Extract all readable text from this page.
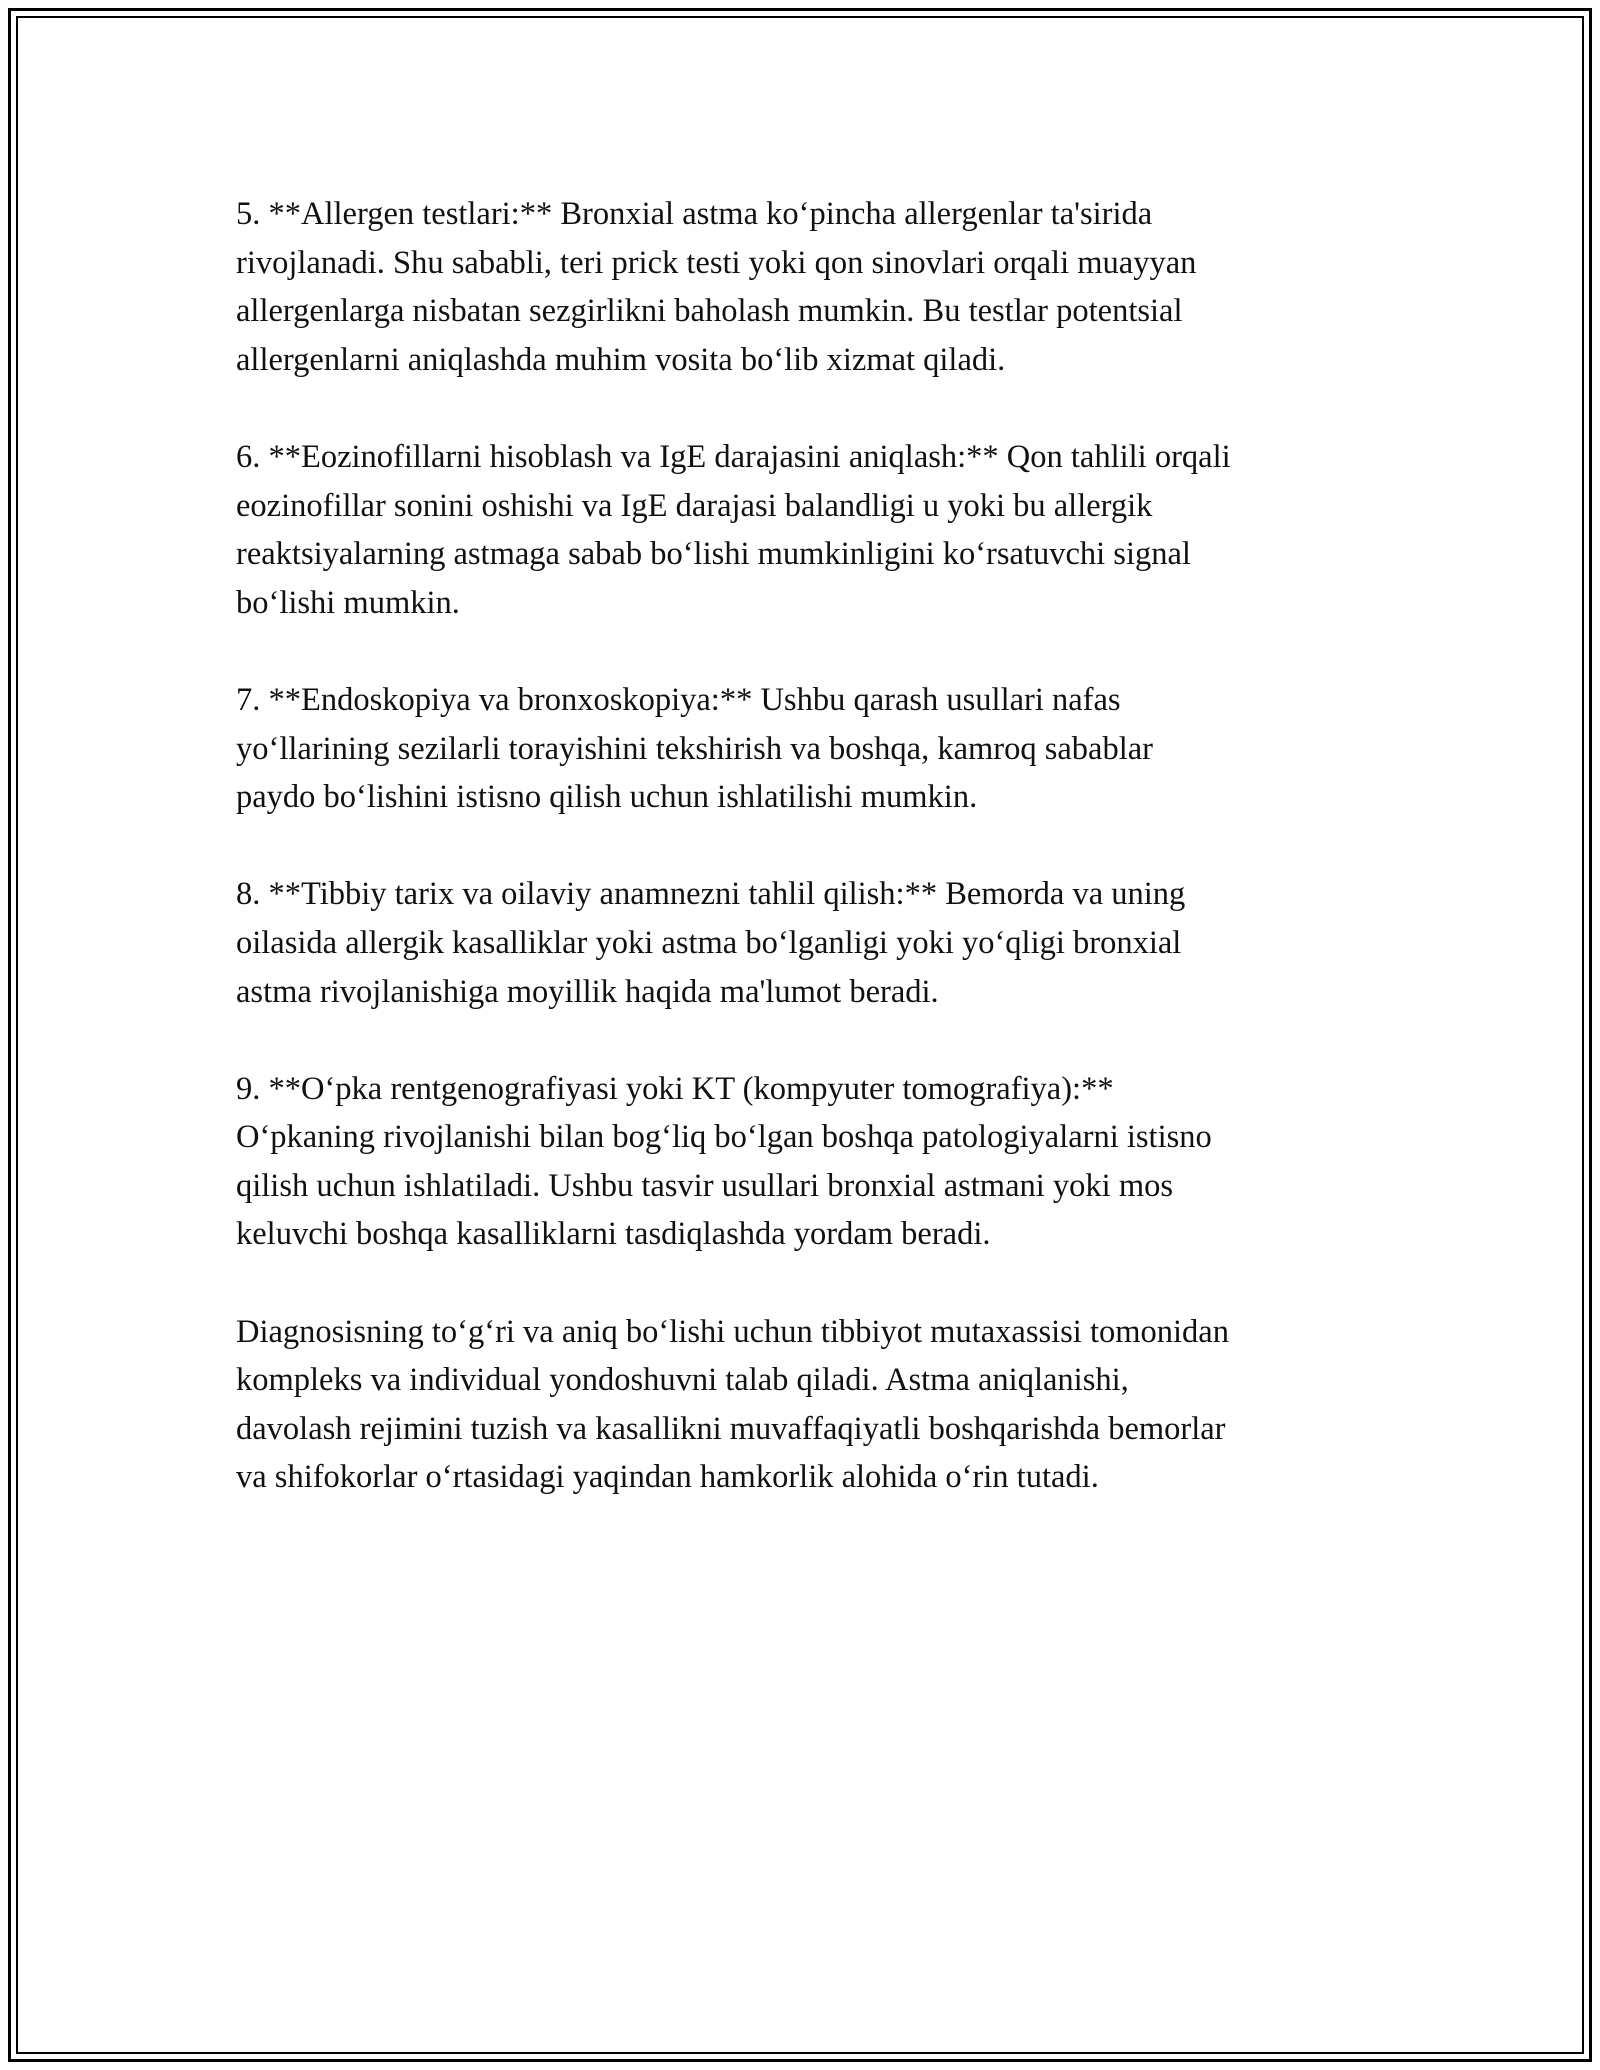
5. **Allergen testlari:** Bronxial astma ko‘pincha allergenlar ta'sirida
rivojlanadi. Shu sababli, teri prick testi yoki qon sinovlari orqali muayyan
allergenlarga nisbatan sezgirlikni baholash mumkin. Bu testlar potentsial
allergenlarni aniqlashda muhim vosita bo‘lib xizmat qiladi.
6. **Eozinofillarni hisoblash va IgE darajasini aniqlash:** Qon tahlili orqali
eozinofillar sonini oshishi va IgE darajasi balandligi u yoki bu allergik
reaktsiyalarning astmaga sabab bo‘lishi mumkinligini ko‘rsatuvchi signal
bo‘lishi mumkin.
7. **Endoskopiya va bronxoskopiya:** Ushbu qarash usullari nafas
yo‘llarining sezilarli torayishini tekshirish va boshqa, kamroq sabablar
paydo bo‘lishini istisno qilish uchun ishlatilishi mumkin.
8. **Tibbiy tarix va oilaviy anamnezni tahlil qilish:** Bemorda va uning
oilasida allergik kasalliklar yoki astma bo‘lganligi yoki yo‘qligi bronxial
astma rivojlanishiga moyillik haqida ma'lumot beradi.
9. **O‘pka rentgenografiyasi yoki KT (kompyuter tomografiya):**
O‘pkaning rivojlanishi bilan bog‘liq bo‘lgan boshqa patologiyalarni istisno
qilish uchun ishlatiladi. Ushbu tasvir usullari bronxial astmani yoki mos
keluvchi boshqa kasalliklarni tasdiqlashda yordam beradi.
Diagnosisning to‘g‘ri va aniq bo‘lishi uchun tibbiyot mutaxassisi tomonidan
kompleks va individual yondoshuvni talab qiladi. Astma aniqlanishi,
davolash rejimini tuzish va kasallikni muvaffaqiyatli boshqarishda bemorlar
va shifokorlar o‘rtasidagi yaqindan hamkorlik alohida o‘rin tutadi.
